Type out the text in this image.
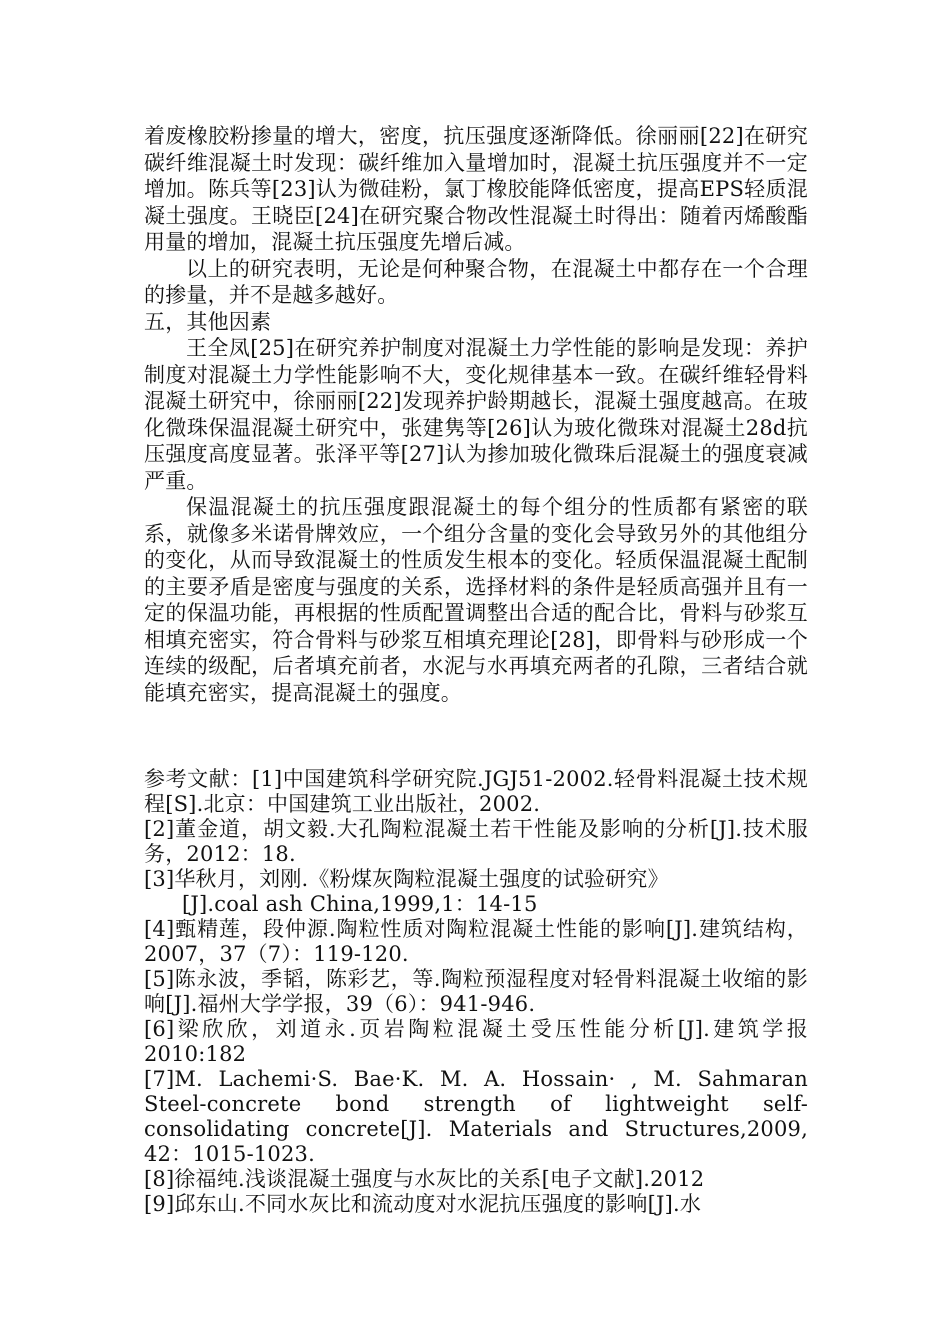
着废橡胶粉掺量的增大，密度，抗压强度逐渐降低。徐丽丽[22]在研究碳纤维混凝土时发现：碳纤维加入量增加时，混凝土抗压强度并不一定增加。陈兵等[23]认为微硅粉，氯丁橡胶能降低密度，提高EPS轻质混凝土强度。王晓臣[24]在研究聚合物改性混凝土时得出：随着丙烯酸酯用量的增加，混凝土抗压强度先增后减。

以上的研究表明，无论是何种聚合物，在混凝土中都存在一个合理的掺量，并不是越多越好。

五，其他因素

王全凤[25]在研究养护制度对混凝土力学性能的影响是发现：养护制度对混凝土力学性能影响不大，变化规律基本一致。在碳纤维轻骨料混凝土研究中，徐丽丽[22]发现养护龄期越长，混凝土强度越高。在玻化微珠保温混凝土研究中，张建隽等[26]认为玻化微珠对混凝土28d抗压强度高度显著。张泽平等[27]认为掺加玻化微珠后混凝土的强度衰减严重。

保温混凝土的抗压强度跟混凝土的每个组分的性质都有紧密的联系，就像多米诺骨牌效应，一个组分含量的变化会导致另外的其他组分的变化，从而导致混凝土的性质发生根本的变化。轻质保温混凝土配制的主要矛盾是密度与强度的关系，选择材料的条件是轻质高强并且有一定的保温功能，再根据的性质配置调整出合适的配合比，骨料与砂浆互相填充密实，符合骨料与砂浆互相填充理论[28]，即骨料与砂形成一个连续的级配，后者填充前者，水泥与水再填充两者的孔隙，三者结合就能填充密实，提高混凝土的强度。

参考文献：[1]中国建筑科学研究院.JGJ51-2002.轻骨料混凝土技术规程[S].北京：中国建筑工业出版社，2002.

[2]董金道，胡文毅.大孔陶粒混凝土若干性能及影响的分析[J].技术服务，2012：18.

[3]华秋月，刘刚.《粉煤灰陶粒混凝土强度的试验研究》

[J].coal ash China,1999,1：14-15

[4]甄精莲，段仲源.陶粒性质对陶粒混凝土性能的影响[J].建筑结构，2007，37（7）：119-120.

[5]陈永波，季韬，陈彩艺，等.陶粒预湿程度对轻骨料混凝土收缩的影响[J].福州大学学报，39（6）：941-946.

[6]梁欣欣，刘道永.页岩陶粒混凝土受压性能分析[J].建筑学报2010:182

[7]M. Lachemi·S. Bae·K. M. A. Hossain· , M. Sahmaran Steel-concrete bond strength of lightweight self-consolidating concrete[J]. Materials and Structures,2009, 42：1015-1023.

[8]徐福纯.浅谈混凝土强度与水灰比的关系[电子文献].2012

[9]邱东山.不同水灰比和流动度对水泥抗压强度的影响[J].水
